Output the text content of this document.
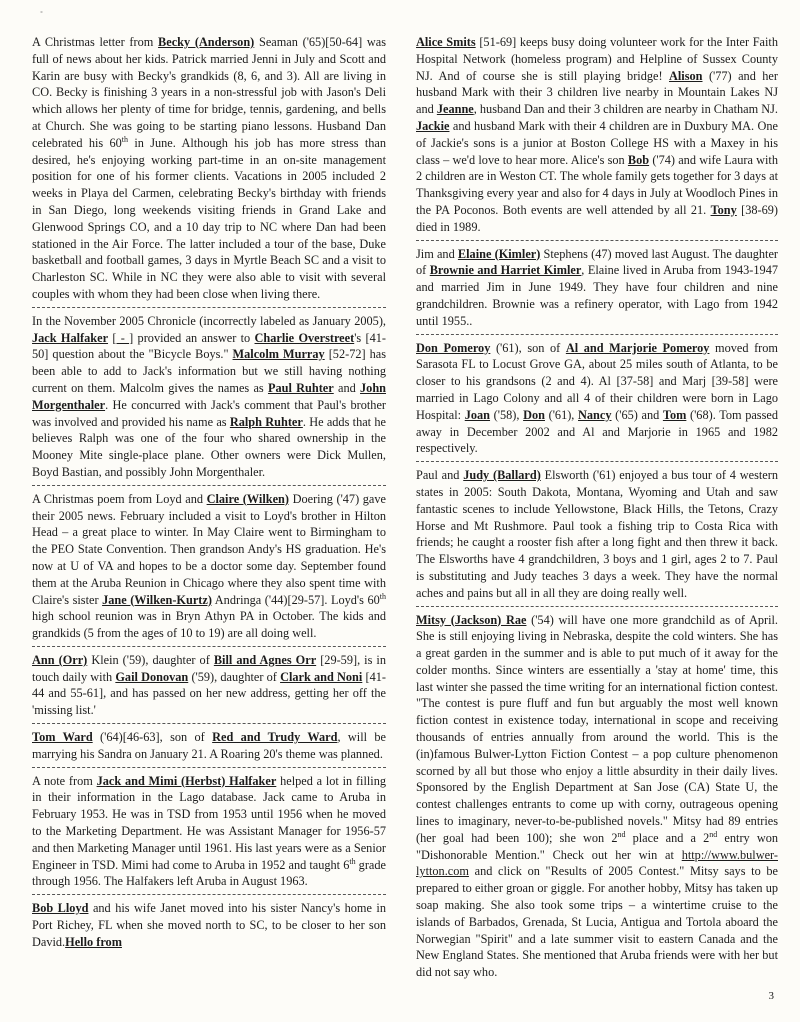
˚

A Christmas letter from Becky (Anderson) Seaman ('65)[50-64] was full of news about her kids. Patrick married Jenni in July and Scott and Karin are busy with Becky's grandkids (8, 6, and 3). All are living in CO. Becky is finishing 3 years in a non-stressful job with Jason's Deli which allows her plenty of time for bridge, tennis, gardening, and bells at Church. She was going to be starting piano lessons. Husband Dan celebrated his 60th in June. Although his job has more stress than desired, he's enjoying working part-time in an on-site management position for one of his former clients. Vacations in 2005 included 2 weeks in Playa del Carmen, celebrating Becky's birthday with friends in San Diego, long weekends visiting friends in Grand Lake and Glenwood Springs CO, and a 10 day trip to NC where Dan had been stationed in the Air Force. The latter included a tour of the base, Duke basketball and football games, 3 days in Myrtle Beach SC and a visit to Charleston SC. While in NC they were also able to visit with several couples with whom they had been close when living there.

In the November 2005 Chronicle (incorrectly labeled as January 2005), Jack Halfaker [ - ] provided an answer to Charlie Overstreet's [41-50] question about the "Bicycle Boys." Malcolm Murray [52-72] has been able to add to Jack's information but we still having nothing current on them. Malcolm gives the names as Paul Ruhter and John Morgenthaler. He concurred with Jack's comment that Paul's brother was involved and provided his name as Ralph Ruhter. He adds that he believes Ralph was one of the four who shared ownership in the Mooney Mite single-place plane. Other owners were Dick Mullen, Boyd Bastian, and possibly John Morgenthaler.

A Christmas poem from Loyd and Claire (Wilken) Doering ('47) gave their 2005 news. February included a visit to Loyd's brother in Hilton Head – a great place to winter. In May Claire went to Birmingham to the PEO State Convention. Then grandson Andy's HS graduation. He's now at U of VA and hopes to be a doctor some day. September found them at the Aruba Reunion in Chicago where they also spent time with Claire's sister Jane (Wilken-Kurtz) Andringa ('44)[29-57]. Loyd's 60th high school reunion was in Bryn Athyn PA in October. The kids and grandkids (5 from the ages of 10 to 19) are all doing well.

Ann (Orr) Klein ('59), daughter of Bill and Agnes Orr [29-59], is in touch daily with Gail Donovan ('59), daughter of Clark and Noni [41-44 and 55-61], and has passed on her new address, getting her off the 'missing list.'

Tom Ward ('64)[46-63], son of Red and Trudy Ward, will be marrying his Sandra on January 21. A Roaring 20's theme was planned.

A note from Jack and Mimi (Herbst) Halfaker helped a lot in filling in their information in the Lago database. Jack came to Aruba in February 1953. He was in TSD from 1953 until 1956 when he moved to the Marketing Department. He was Assistant Manager for 1956-57 and then Marketing Manager until 1961. His last years were as a Senior Engineer in TSD. Mimi had come to Aruba in 1952 and taught 6th grade through 1956. The Halfakers left Aruba in August 1963.

Bob Lloyd and his wife Janet moved into his sister Nancy's home in Port Richey, FL when she moved north to SC, to be closer to her son David.Hello from

Alice Smits [51-69] keeps busy doing volunteer work for the Inter Faith Hospital Network (homeless program) and Helpline of Sussex County NJ. And of course she is still playing bridge! Alison ('77) and her husband Mark with their 3 children live nearby in Mountain Lakes NJ and Jeanne, husband Dan and their 3 children are nearby in Chatham NJ. Jackie and husband Mark with their 4 children are in Duxbury MA. One of Jackie's sons is a junior at Boston College HS with a Maxey in his class – we'd love to hear more. Alice's son Bob ('74) and wife Laura with 2 children are in Weston CT. The whole family gets together for 3 days at Thanksgiving every year and also for 4 days in July at Woodloch Pines in the PA Poconos. Both events are well attended by all 21. Tony [38-69) died in 1989.

Jim and Elaine (Kimler) Stephens (47) moved last August. The daughter of Brownie and Harriet Kimler, Elaine lived in Aruba from 1943-1947 and married Jim in June 1949. They have four children and nine grandchildren. Brownie was a refinery operator, with Lago from 1942 until 1955..

Don Pomeroy ('61), son of Al and Marjorie Pomeroy moved from Sarasota FL to Locust Grove GA, about 25 miles south of Atlanta, to be closer to his grandsons (2 and 4). Al [37-58] and Marj [39-58] were married in Lago Colony and all 4 of their children were born in Lago Hospital: Joan ('58), Don ('61), Nancy ('65) and Tom ('68). Tom passed away in December 2002 and Al and Marjorie in 1965 and 1982 respectively.

Paul and Judy (Ballard) Elsworth ('61) enjoyed a bus tour of 4 western states in 2005: South Dakota, Montana, Wyoming and Utah and saw fantastic scenes to include Yellowstone, Black Hills, the Tetons, Crazy Horse and Mt Rushmore. Paul took a fishing trip to Costa Rica with friends; he caught a rooster fish after a long fight and then threw it back. The Elsworths have 4 grandchildren, 3 boys and 1 girl, ages 2 to 7. Paul is substituting and Judy teaches 3 days a week. They have the normal aches and pains but all in all they are doing really well.

Mitsy (Jackson) Rae ('54) will have one more grandchild as of April. She is still enjoying living in Nebraska, despite the cold winters. She has a great garden in the summer and is able to put much of it away for the colder months. Since winters are essentially a 'stay at home' time, this last winter she passed the time writing for an international fiction contest. "The contest is pure fluff and fun but arguably the most well known fiction contest in existence today, international in scope and receiving thousands of entries annually from around the world. This is the (in)famous Bulwer-Lytton Fiction Contest – a pop culture phenomenon scorned by all but those who enjoy a little absurdity in their daily lives. Sponsored by the English Department at San Jose (CA) State U, the contest challenges entrants to come up with corny, outrageous opening lines to imaginary, never-to-be-published novels." Mitsy had 89 entries (her goal had been 100); she won 2nd place and a 2nd entry won "Dishonorable Mention." Check out her win at http://www.bulwer-lytton.com and click on "Results of 2005 Contest." Mitsy says to be prepared to either groan or giggle. For another hobby, Mitsy has taken up soap making. She also took some trips – a wintertime cruise to the islands of Barbados, Grenada, St Lucia, Antigua and Tortola aboard the Norwegian "Spirit" and a late summer visit to eastern Canada and the New England States. She mentioned that Aruba friends were with her but did not say who.

3
